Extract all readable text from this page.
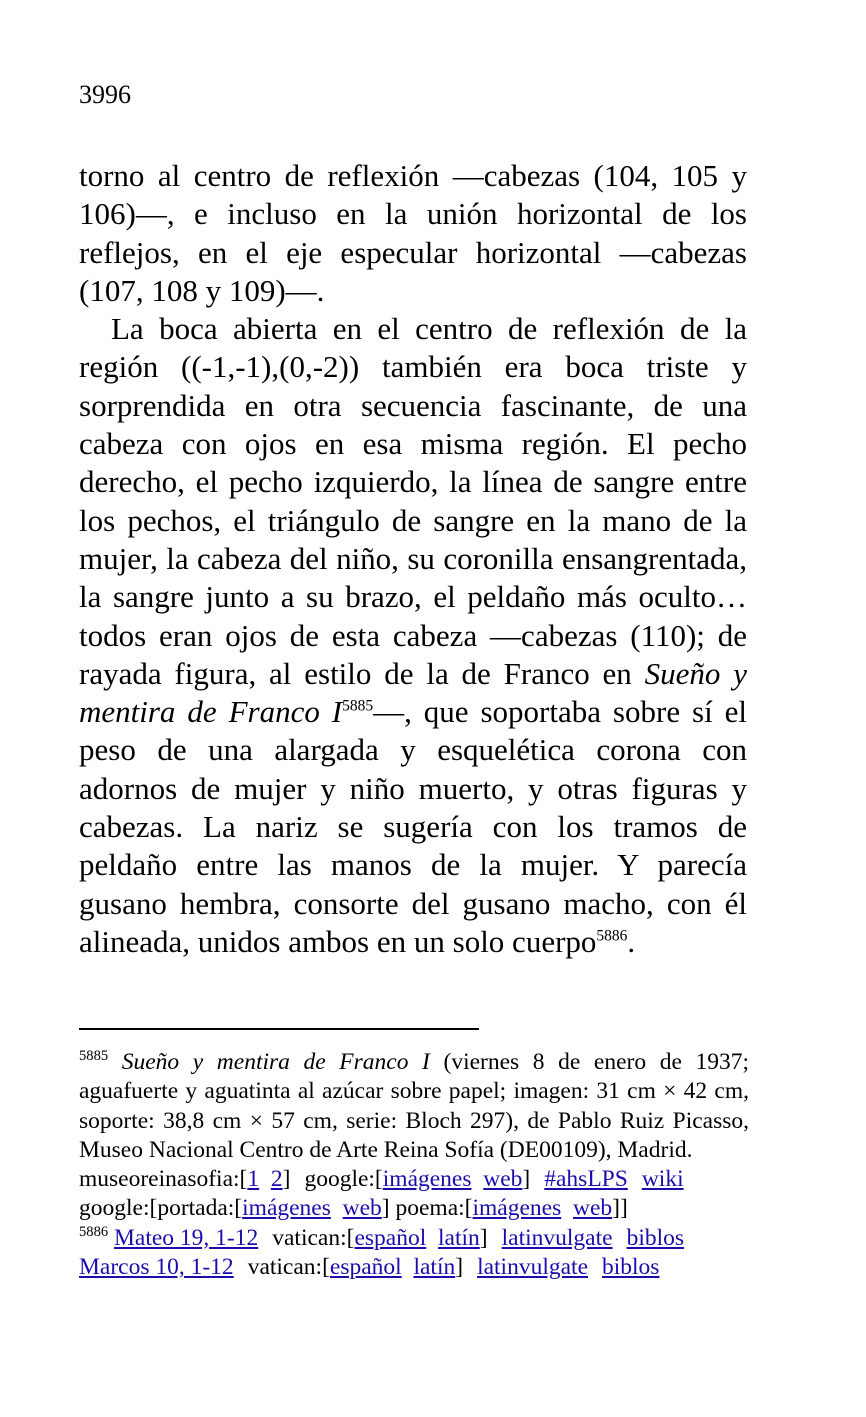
3996

torno al centro de reflexión —cabezas (104, 105 y 106)—, e incluso en la unión horizontal de los reflejos, en el eje especular horizontal —cabezas (107, 108 y 109)—.

La boca abierta en el centro de reflexión de la región ((-1,-1),(0,-2)) también era boca triste y sorprendida en otra secuencia fascinante, de una cabeza con ojos en esa misma región. El pecho derecho, el pecho izquierdo, la línea de sangre entre los pechos, el triángulo de sangre en la mano de la mujer, la cabeza del niño, su coronilla ensangrentada, la sangre junto a su brazo, el peldaño más oculto… todos eran ojos de esta cabeza —cabezas (110); de rayada figura, al estilo de la de Franco en Sueño y mentira de Franco $I^{5885}—$, que soportaba sobre sí el peso de una alargada y esquelética corona con adornos de mujer y niño muerto, y otras figuras y cabezas. La nariz se sugería con los tramos de peldaño entre las manos de la mujer. Y parecía gusano hembra, consorte del gusano macho, con él alineada, unidos ambos en un solo cuerpo$^{5886}$.

$^{5885}$ Sueño y mentira de Franco I (viernes 8 de enero de 1937; aguafuerte y aguatinta al azúcar sobre papel; imagen: 31 cm × 42 cm, soporte: 38,8 cm × 57 cm, serie: Bloch 297), de Pablo Ruiz Picasso, Museo Nacional Centro de Arte Reina Sofía (DE00109), Madrid.

museoreinasofia:[1 2] google:[imágenes web] #ahsLPS wiki

google:[portada:[imágenes web] poema:[imágenes web]]

$^{5886}$ Mateo 19, 1-12 vatican:[español latín] latinvulgate biblos

Marcos 10, 1-12 vatican:[español latín] latinvulgate biblos
